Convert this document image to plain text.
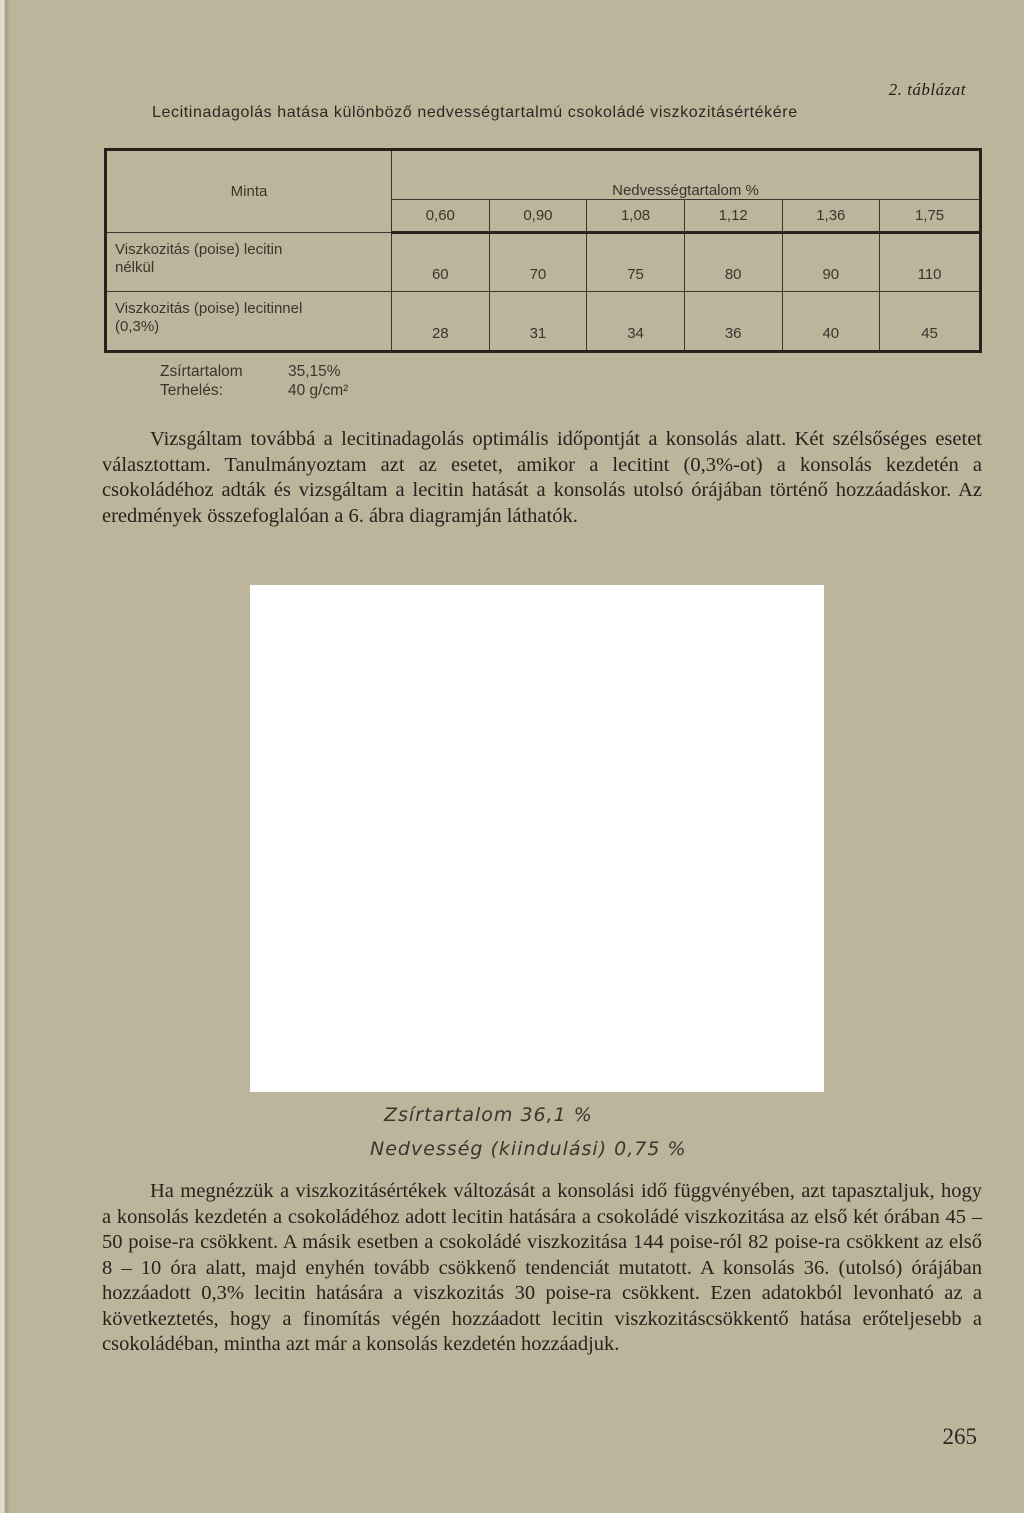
2. táblázat
Lecitinadagolás hatása különböző nedvességtartalmú csokoládé viszkozitásértékére
Minta	Nedvességtartalom %					
	0,60	0,90	1,08	1,12	1,36	1,75
Viszkozitás (poise) lecitin
nélkül	60	70	75	80	90	110
Viszkozitás (poise) lecitinnel
(0,3%)	28	31	34	36	40	45
Zsírtartalom	35,15%
Terhelés:	40 g/cm²
Vizsgáltam továbbá a lecitinadagolás optimális időpontját a konsolás alatt. Két szélsőséges esetet választottam. Tanulmányoztam azt az esetet, amikor a lecitint (0,3%-ot) a konsolás kezdetén a csokoládéhoz adták és vizsgáltam a lecitin hatását a konsolás utolsó órájában történő hozzáadáskor. Az eredmények összefoglalóan a 6. ábra diagramján láthatók.
Zsírtartalom 36,1 %
Nedvesség (kiindulási) 0,75 %
Ha megnézzük a viszkozitásértékek változását a konsolási idő függvényében, azt tapasztaljuk, hogy a konsolás kezdetén a csokoládéhoz adott lecitin hatására a csokoládé viszkozitása az első két órában 45 – 50 poise-ra csökkent. A másik esetben a csokoládé viszkozitása 144 poise-ról 82 poise-ra csökkent az első 8 – 10 óra alatt, majd enyhén tovább csökkenő tendenciát mutatott. A konsolás 36. (utolsó) órájában hozzáadott 0,3% lecitin hatására a viszkozitás 30 poise-ra csökkent. Ezen adatokból levonható az a következtetés, hogy a finomítás végén hozzáadott lecitin viszkozitáscsökkentő hatása erőteljesebb a csokoládéban, mintha azt már a konsolás kezdetén hozzáadjuk.
265
